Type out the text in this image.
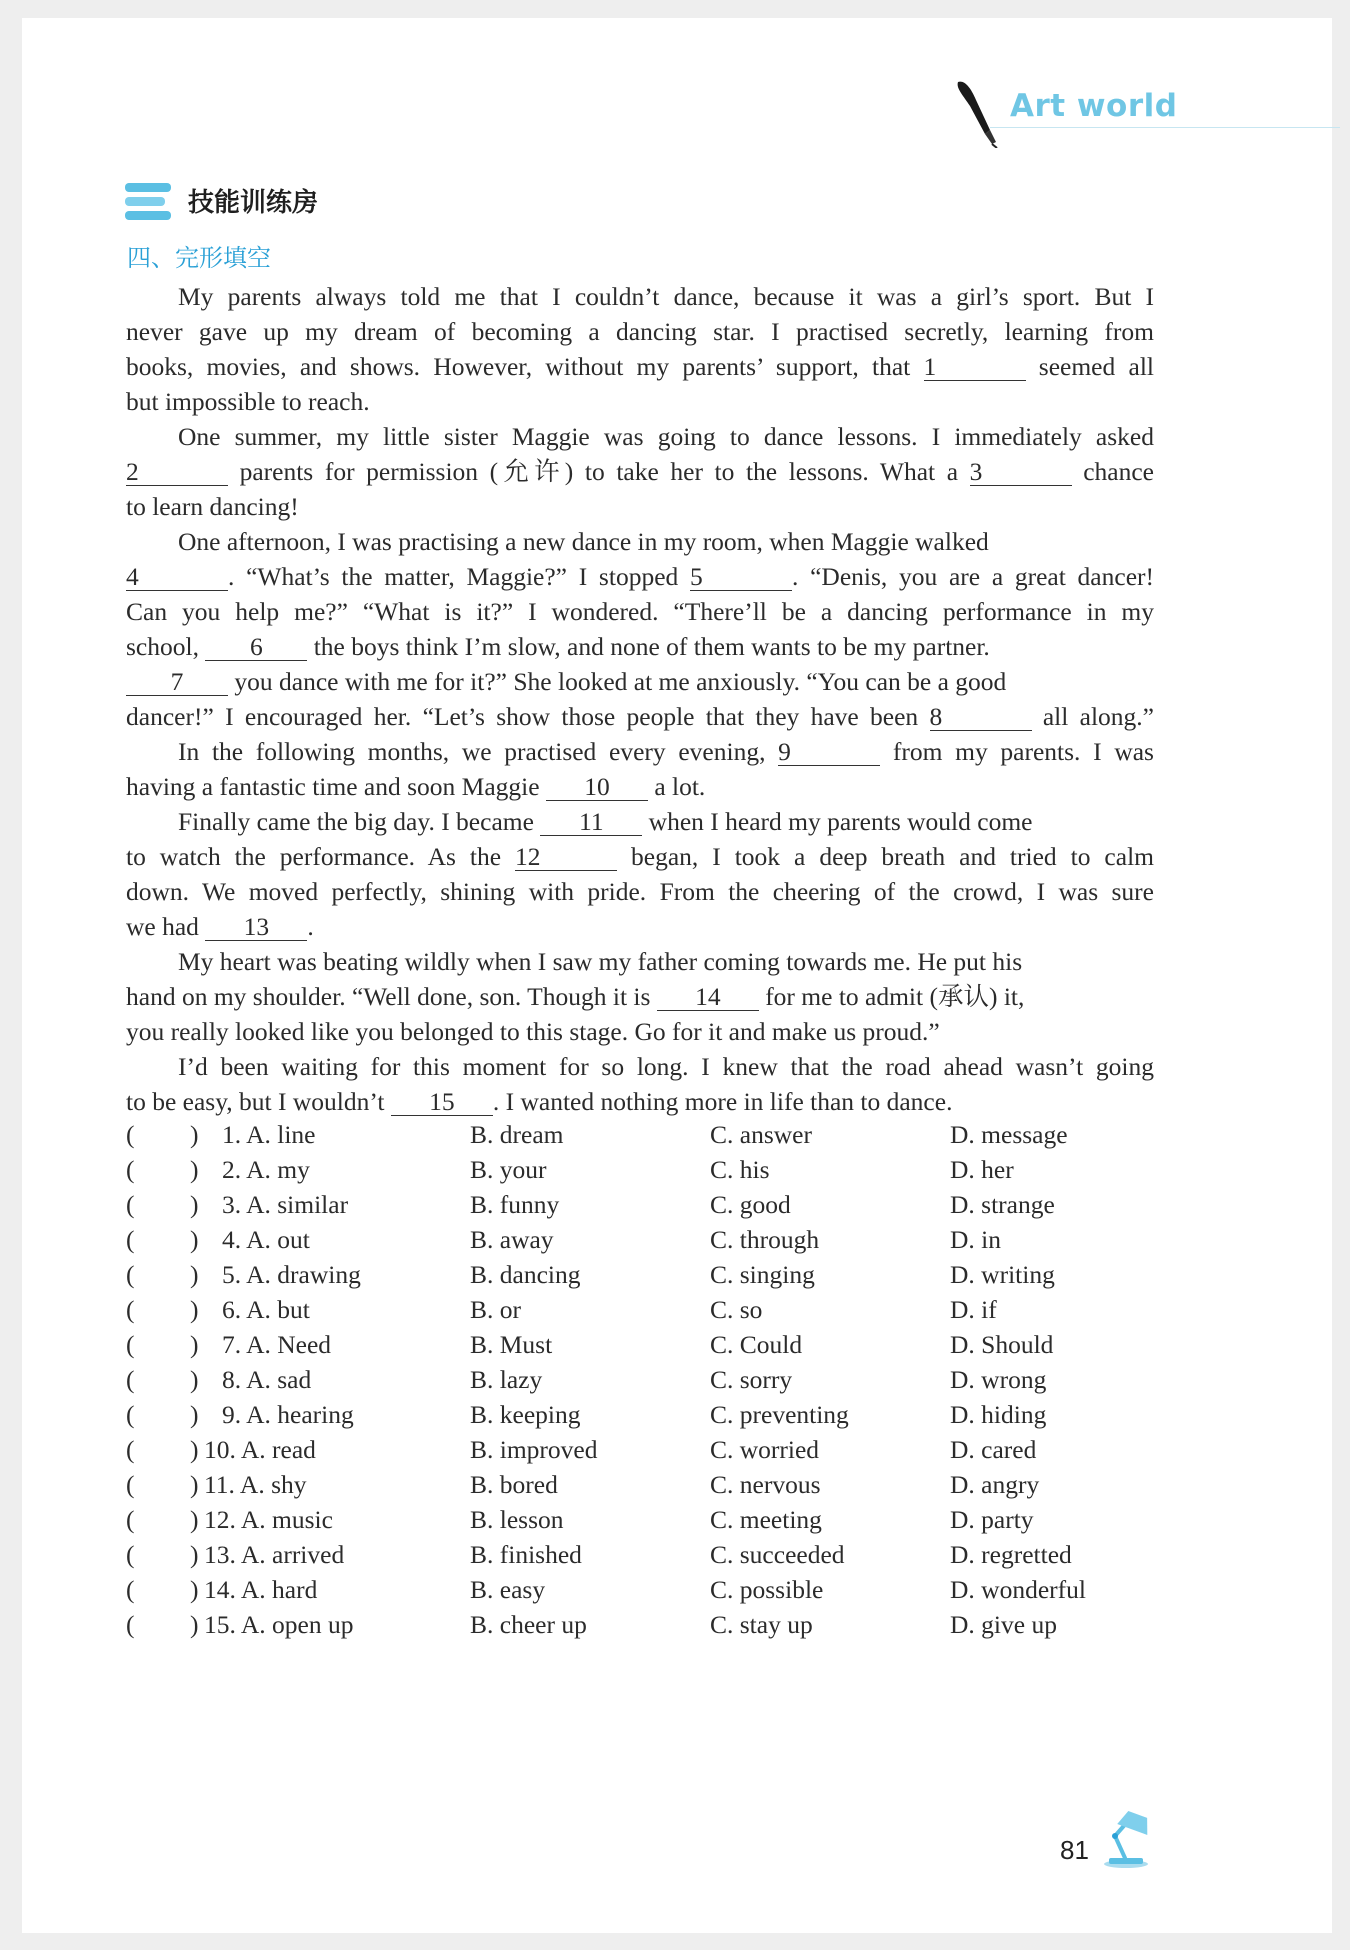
Art world
技能训练房
四、完形填空
My parents always told me that I couldn’t dance, because it was a girl’s sport. But I
never gave up my dream of becoming a dancing star. I practised secretly, learning from
books, movies, and shows. However, without my parents’ support, that 1	seemed all
but impossible to reach.
One summer, my little sister Maggie was going to dance lessons. I immediately asked
2	parents for permission (允许) to take her to the lessons. What a 3	chance
to learn dancing!
One afternoon, I was practising a new dance in my room, when Maggie walked
4	. “What’s the matter, Maggie?” I stopped 5	. “Denis, you are a great dancer!
Can you help me?” “What is it?” I wondered. “There’ll be a dancing performance in my
school, 6 the boys think I’m slow, and none of them wants to be my partner.
7 you dance with me for it?” She looked at me anxiously. “You can be a good
dancer!” I encouraged her. “Let’s show those people that they have been 8	all along.”
In the following months, we practised every evening, 9	from my parents. I was
having a fantastic time and soon Maggie 10 a lot.
Finally came the big day. I became 11 when I heard my parents would come
to watch the performance. As the 12	began, I took a deep breath and tried to calm
down. We moved perfectly, shining with pride. From the cheering of the crowd, I was sure
we had 13 .
My heart was beating wildly when I saw my father coming towards me. He put his
hand on my shoulder. “Well done, son. Though it is 14 for me to admit (承认) it,
you really looked like you belonged to this stage. Go for it and make us proud.”
I’d been waiting for this moment for so long. I knew that the road ahead wasn’t going
to be easy, but I wouldn’t 15 . I wanted nothing more in life than to dance.
( ) 1. A. line	B. dream	C. answer	D. message
( ) 2. A. my	B. your	C. his	D. her
( ) 3. A. similar	B. funny	C. good	D. strange
( ) 4. A. out	B. away	C. through	D. in
( ) 5. A. drawing	B. dancing	C. singing	D. writing
( ) 6. A. but	B. or	C. so	D. if
( ) 7. A. Need	B. Must	C. Could	D. Should
( ) 8. A. sad	B. lazy	C. sorry	D. wrong
( ) 9. A. hearing	B. keeping	C. preventing	D. hiding
( ) 10. A. read	B. improved	C. worried	D. cared
( ) 11. A. shy	B. bored	C. nervous	D. angry
( ) 12. A. music	B. lesson	C. meeting	D. party
( ) 13. A. arrived	B. finished	C. succeeded	D. regretted
( ) 14. A. hard	B. easy	C. possible	D. wonderful
( ) 15. A. open up	B. cheer up	C. stay up	D. give up
81
